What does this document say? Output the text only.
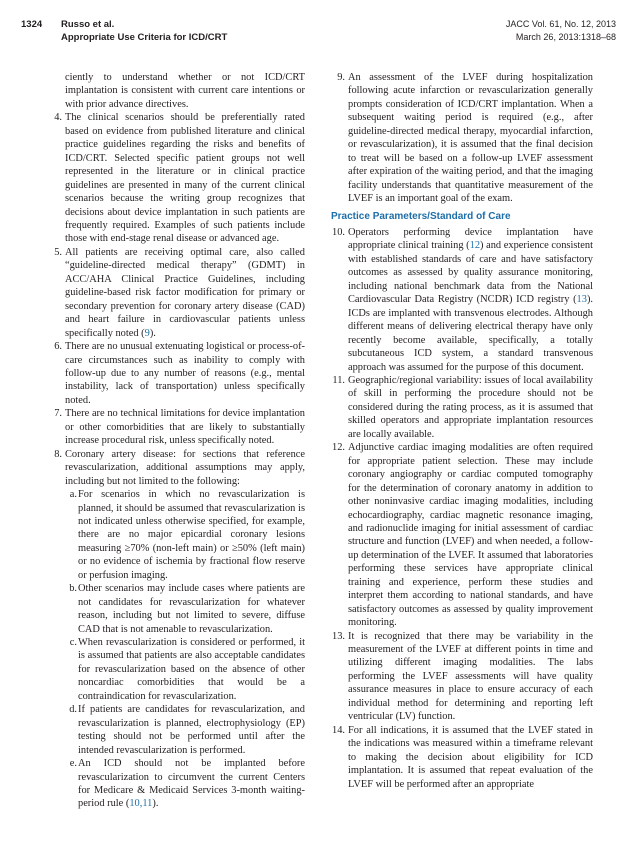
1324 Russo et al.
Appropriate Use Criteria for ICD/CRT
JACC Vol. 61, No. 12, 2013
March 26, 2013:1318–68
ciently to understand whether or not ICD/CRT implantation is consistent with current care intentions or with prior advance directives.
4. The clinical scenarios should be preferentially rated based on evidence from published literature and clinical practice guidelines regarding the risks and benefits of ICD/CRT. Selected specific patient groups not well represented in the literature or in clinical practice guidelines are presented in many of the current clinical scenarios because the writing group recognizes that decisions about device implantation in such patients are frequently required. Examples of such patients include those with end-stage renal disease or advanced age.
5. All patients are receiving optimal care, also called “guideline-directed medical therapy” (GDMT) in ACC/AHA Clinical Practice Guidelines, including guideline-based risk factor modification for primary or secondary prevention for coronary artery disease (CAD) and heart failure in cardiovascular patients unless specifically noted (9).
6. There are no unusual extenuating logistical or process-of-care circumstances such as inability to comply with follow-up due to any number of reasons (e.g., mental instability, lack of transportation) unless specifically noted.
7. There are no technical limitations for device implantation or other comorbidities that are likely to substantially increase procedural risk, unless specifically noted.
8. Coronary artery disease: for sections that reference revascularization, additional assumptions may apply, including but not limited to the following:
a. For scenarios in which no revascularization is planned, it should be assumed that revascularization is not indicated unless otherwise specified, for example, there are no major epicardial coronary lesions measuring ≥70% (non-left main) or ≥50% (left main) or no evidence of ischemia by fractional flow reserve or perfusion imaging.
b. Other scenarios may include cases where patients are not candidates for revascularization for whatever reason, including but not limited to severe, diffuse CAD that is not amenable to revascularization.
c. When revascularization is considered or performed, it is assumed that patients are also acceptable candidates for revascularization based on the absence of other noncardiac comorbidities that would be a contraindication for revascularization.
d. If patients are candidates for revascularization, and revascularization is planned, electrophysiology (EP) testing should not be performed until after the intended revascularization is performed.
e. An ICD should not be implanted before revascularization to circumvent the current Centers for Medicare & Medicaid Services 3-month waiting-period rule (10,11).
9. An assessment of the LVEF during hospitalization following acute infarction or revascularization generally prompts consideration of ICD/CRT implantation. When a subsequent waiting period is required (e.g., after guideline-directed medical therapy, myocardial infarction, or revascularization), it is assumed that the final decision to treat will be based on a follow-up LVEF assessment after expiration of the waiting period, and that the imaging facility understands that quantitative measurement of the LVEF is an important goal of the exam.
Practice Parameters/Standard of Care
10. Operators performing device implantation have appropriate clinical training (12) and experience consistent with established standards of care and have satisfactory outcomes as assessed by quality assurance monitoring, including national benchmark data from the National Cardiovascular Data Registry (NCDR) ICD registry (13). ICDs are implanted with transvenous electrodes. Although different means of delivering electrical therapy have only recently become available, specifically, a totally subcutaneous ICD system, a standard transvenous approach was assumed for the purpose of this document.
11. Geographic/regional variability: issues of local availability of skill in performing the procedure should not be considered during the rating process, as it is assumed that skilled operators and appropriate implantation resources are locally available.
12. Adjunctive cardiac imaging modalities are often required for appropriate patient selection. These may include coronary angiography or cardiac computed tomography for the determination of coronary anatomy in addition to other noninvasive cardiac imaging modalities, including echocardiography, cardiac magnetic resonance imaging, and radionuclide imaging for initial assessment of cardiac structure and function (LVEF) and when needed, a follow-up determination of the LVEF. It assumed that laboratories performing these services have appropriate clinical training and experience, perform these studies and interpret them according to national standards, and have satisfactory outcomes as assessed by quality improvement monitoring.
13. It is recognized that there may be variability in the measurement of the LVEF at different points in time and utilizing different imaging modalities. The labs performing the LVEF assessments will have quality assurance measures in place to ensure accuracy of each individual method for determining and reporting left ventricular (LV) function.
14. For all indications, it is assumed that the LVEF stated in the indications was measured within a timeframe relevant to making the decision about eligibility for ICD implantation. It is assumed that repeat evaluation of the LVEF will be performed after an appropriate
